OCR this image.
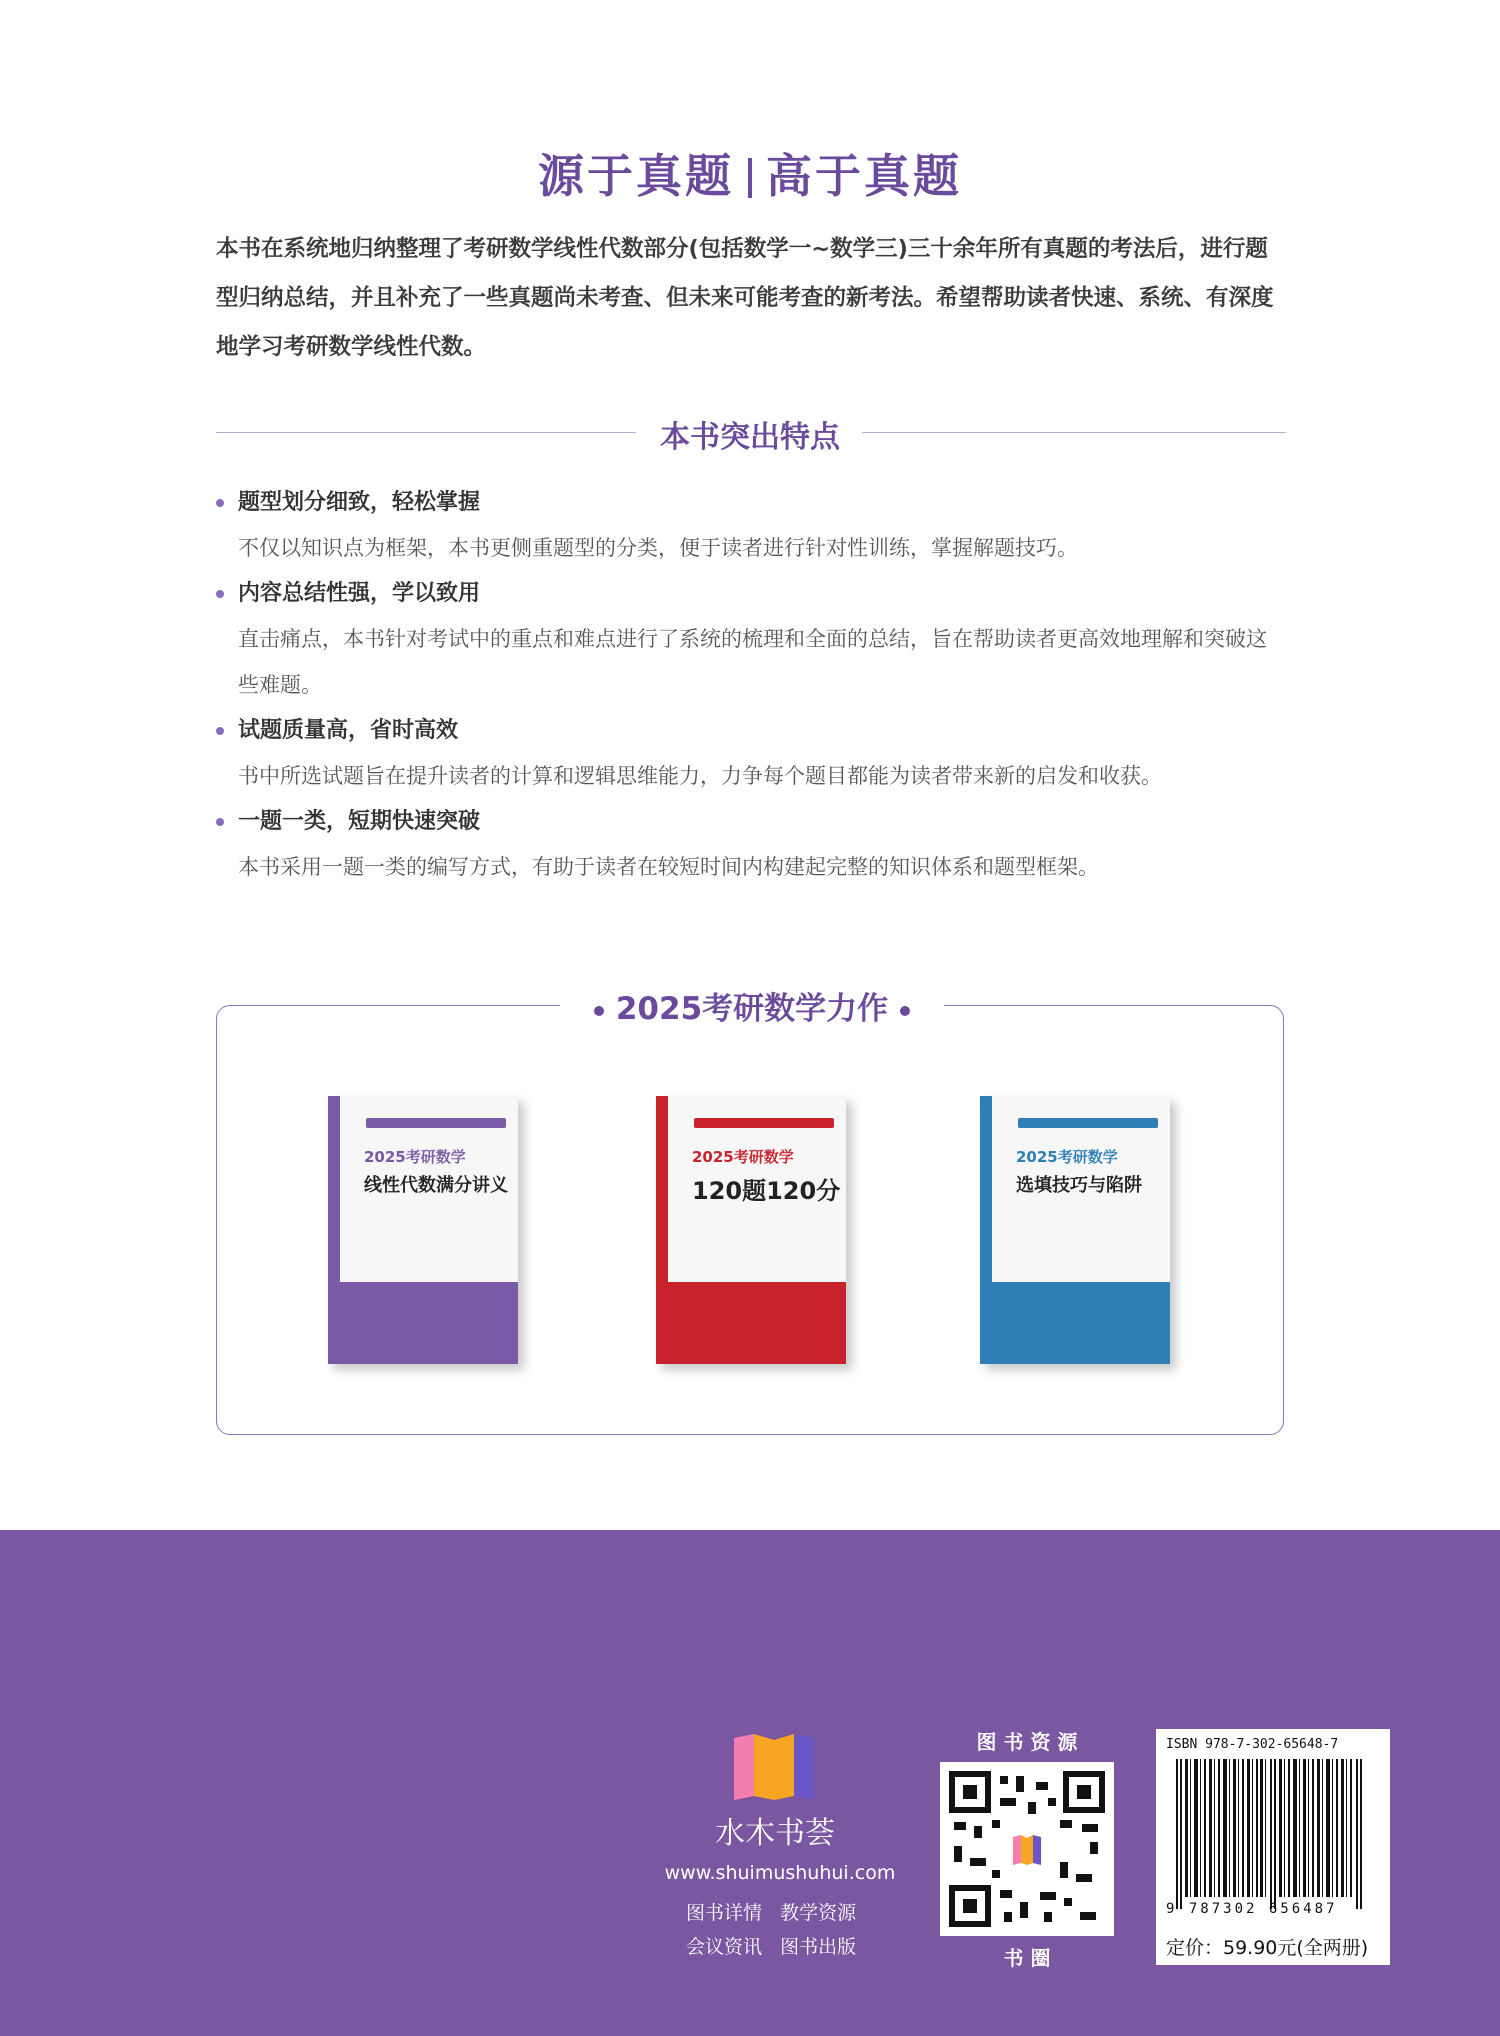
源于真题 高于真题
本书在系统地归纳整理了考研数学线性代数部分(包括数学一~数学三)三十余年所有真题的考法后，进行题型归纳总结，并且补充了一些真题尚未考查、但未来可能考查的新考法。希望帮助读者快速、系统、有深度地学习考研数学线性代数。
本书突出特点
题型划分细致，轻松掌握
不仅以知识点为框架，本书更侧重题型的分类，便于读者进行针对性训练，掌握解题技巧。
内容总结性强，学以致用
直击痛点，本书针对考试中的重点和难点进行了系统的梳理和全面的总结，旨在帮助读者更高效地理解和突破这些难题。
试题质量高，省时高效
书中所选试题旨在提升读者的计算和逻辑思维能力，力争每个题目都能为读者带来新的启发和收获。
一题一类，短期快速突破
本书采用一题一类的编写方式，有助于读者在较短时间内构建起完整的知识体系和题型框架。
2025考研数学力作
2025考研数学
线性代数满分讲义
2025考研数学
120题120分
2025考研数学
选填技巧与陷阱
水木书荟
www.shuimushuhui.com
图书详情 教学资源
会议资讯 图书出版
图 书 资 源
书 圈
ISBN 978-7-302-65648-7
9 787302 656487
定价：59.90元(全两册)
